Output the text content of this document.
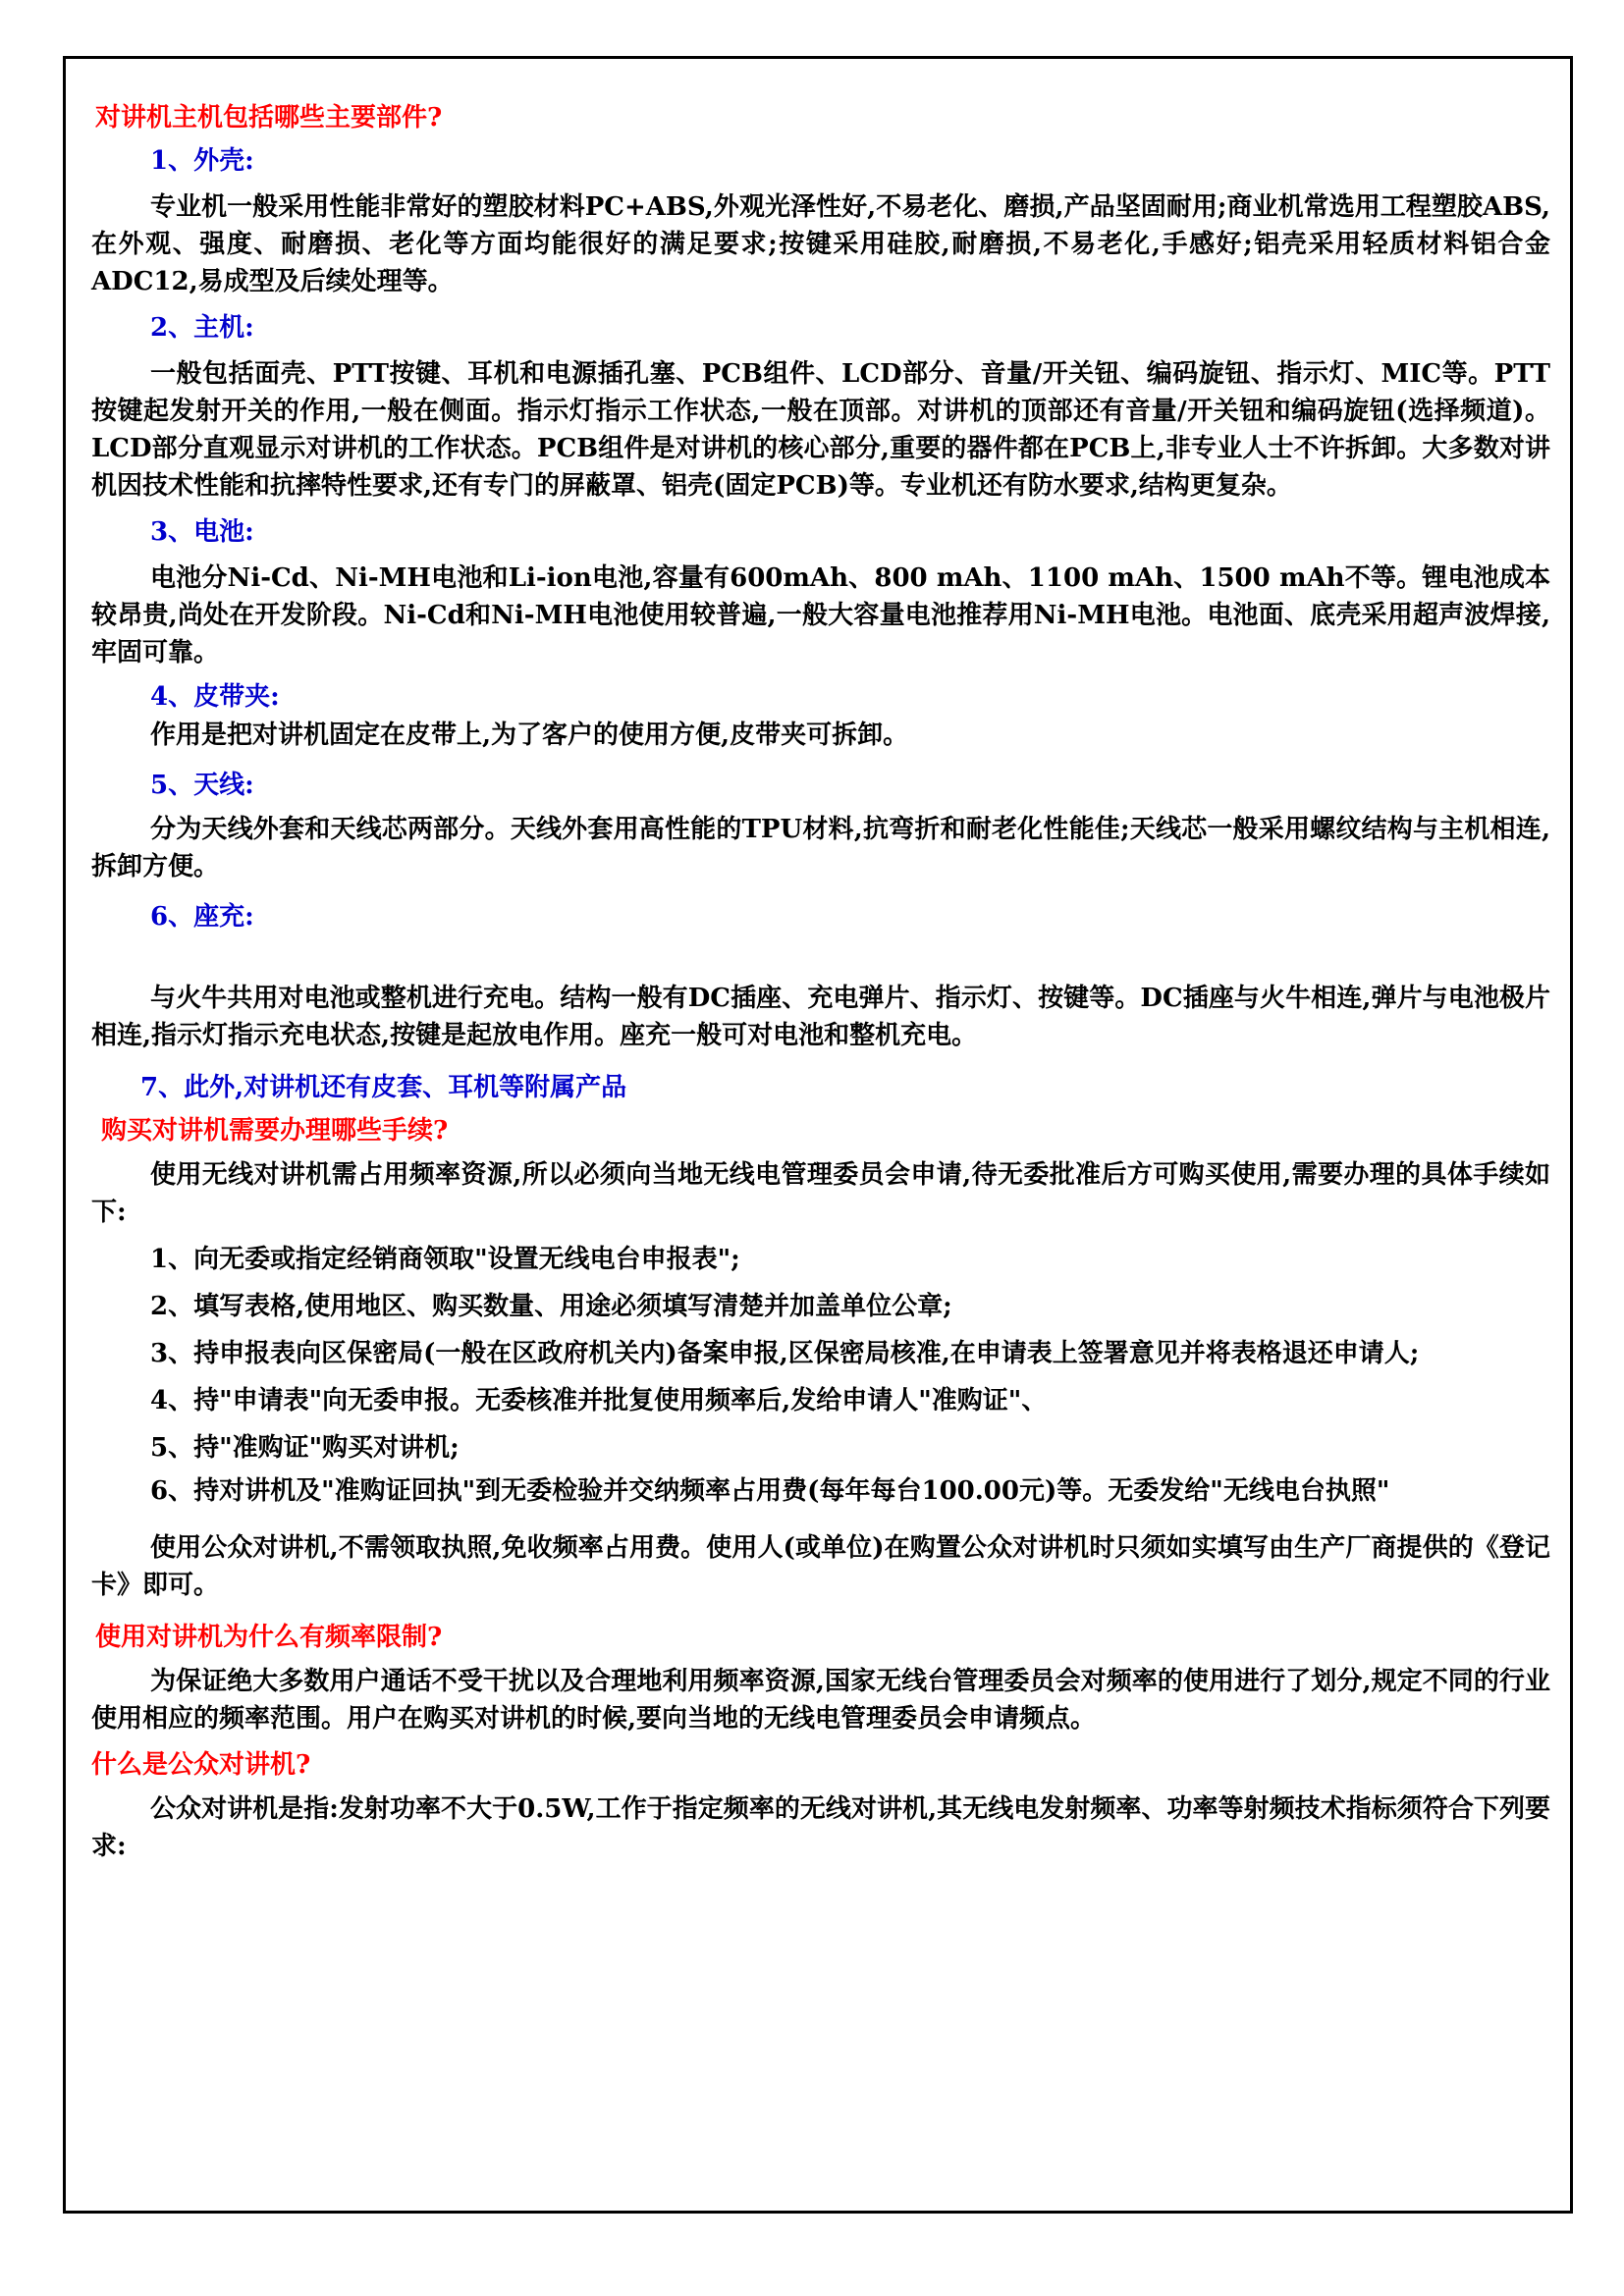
对讲机主机包括哪些主要部件?

1、外壳:

专业机一般采用性能非常好的塑胶材料PC+ABS,外观光泽性好,不易老化、磨损,产品坚固耐用;商业机常选用工程塑胶ABS,在外观、强度、耐磨损、老化等方面均能很好的满足要求;按键采用硅胶,耐磨损,不易老化,手感好;铝壳采用轻质材料铝合金ADC12,易成型及后续处理等。

2、主机:

一般包括面壳、PTT按键、耳机和电源插孔塞、PCB组件、LCD部分、音量/开关钮、编码旋钮、指示灯、MIC等。PTT按键起发射开关的作用,一般在侧面。指示灯指示工作状态,一般在顶部。对讲机的顶部还有音量/开关钮和编码旋钮(选择频道)。LCD部分直观显示对讲机的工作状态。PCB组件是对讲机的核心部分,重要的器件都在PCB上,非专业人士不许拆卸。大多数对讲机因技术性能和抗摔特性要求,还有专门的屏蔽罩、铝壳(固定PCB)等。专业机还有防水要求,结构更复杂。

3、电池:

电池分Ni-Cd、Ni-MH电池和Li-ion电池,容量有600mAh、800 mAh、1100 mAh、1500 mAh不等。锂电池成本较昂贵,尚处在开发阶段。Ni-Cd和Ni-MH电池使用较普遍,一般大容量电池推荐用Ni-MH电池。电池面、底壳采用超声波焊接,牢固可靠。

4、皮带夹:

作用是把对讲机固定在皮带上,为了客户的使用方便,皮带夹可拆卸。

5、天线:

分为天线外套和天线芯两部分。天线外套用高性能的TPU材料,抗弯折和耐老化性能佳;天线芯一般采用螺纹结构与主机相连,拆卸方便。

6、座充:

与火牛共用对电池或整机进行充电。结构一般有DC插座、充电弹片、指示灯、按键等。DC插座与火牛相连,弹片与电池极片相连,指示灯指示充电状态,按键是起放电作用。座充一般可对电池和整机充电。

7、此外,对讲机还有皮套、耳机等附属产品

购买对讲机需要办理哪些手续?

使用无线对讲机需占用频率资源,所以必须向当地无线电管理委员会申请,待无委批准后方可购买使用,需要办理的具体手续如下:

1、向无委或指定经销商领取"设置无线电台申报表";

2、填写表格,使用地区、购买数量、用途必须填写清楚并加盖单位公章;

3、持申报表向区保密局(一般在区政府机关内)备案申报,区保密局核准,在申请表上签署意见并将表格退还申请人;

4、持"申请表"向无委申报。无委核准并批复使用频率后,发给申请人"准购证"、

5、持"准购证"购买对讲机;

6、持对讲机及"准购证回执"到无委检验并交纳频率占用费(每年每台100.00元)等。无委发给"无线电台执照"

使用公众对讲机,不需领取执照,免收频率占用费。使用人(或单位)在购置公众对讲机时只须如实填写由生产厂商提供的《登记卡》即可。

使用对讲机为什么有频率限制?

为保证绝大多数用户通话不受干扰以及合理地利用频率资源,国家无线台管理委员会对频率的使用进行了划分,规定不同的行业使用相应的频率范围。用户在购买对讲机的时候,要向当地的无线电管理委员会申请频点。

什么是公众对讲机?

公众对讲机是指:发射功率不大于0.5W,工作于指定频率的无线对讲机,其无线电发射频率、功率等射频技术指标须符合下列要求:
